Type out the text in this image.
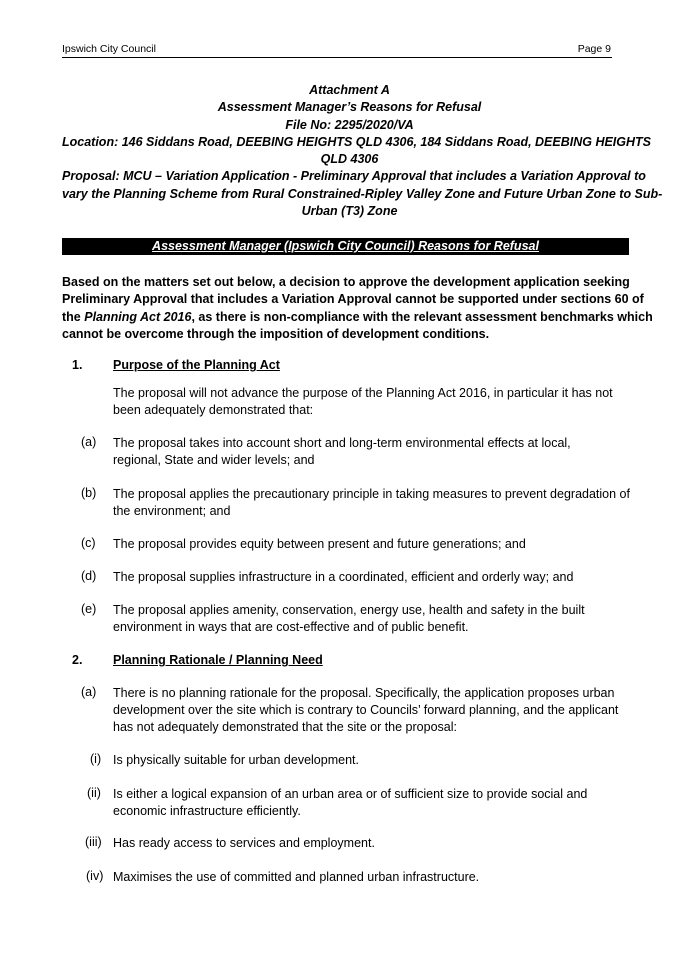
Ipswich City Council	Page 9
Attachment A
Assessment Manager’s Reasons for Refusal
File No: 2295/2020/VA
Location: 146 Siddans Road, DEEBING HEIGHTS QLD 4306, 184 Siddans Road, DEEBING HEIGHTS
QLD 4306
Proposal: MCU – Variation Application - Preliminary Approval that includes a Variation Approval to
vary the Planning Scheme from Rural Constrained-Ripley Valley Zone and Future Urban Zone to Sub-
Urban (T3) Zone
Assessment Manager (Ipswich City Council) Reasons for Refusal
Based on the matters set out below, a decision to approve the development application seeking
Preliminary Approval that includes a Variation Approval cannot be supported under sections 60 of
the Planning Act 2016, as there is non-compliance with the relevant assessment benchmarks which
cannot be overcome through the imposition of development conditions.
1. Purpose of the Planning Act
The proposal will not advance the purpose of the Planning Act 2016, in particular it has not
been adequately demonstrated that:
(a) The proposal takes into account short and long-term environmental effects at local,
regional, State and wider levels; and
(b) The proposal applies the precautionary principle in taking measures to prevent degradation of
the environment; and
(c) The proposal provides equity between present and future generations; and
(d) The proposal supplies infrastructure in a coordinated, efficient and orderly way; and
(e) The proposal applies amenity, conservation, energy use, health and safety in the built
environment in ways that are cost-effective and of public benefit.
2. Planning Rationale / Planning Need
(a) There is no planning rationale for the proposal. Specifically, the application proposes urban
development over the site which is contrary to Councils’ forward planning, and the applicant
has not adequately demonstrated that the site or the proposal:
(i) Is physically suitable for urban development.
(ii) Is either a logical expansion of an urban area or of sufficient size to provide social and
economic infrastructure efficiently.
(iii) Has ready access to services and employment.
(iv) Maximises the use of committed and planned urban infrastructure.
